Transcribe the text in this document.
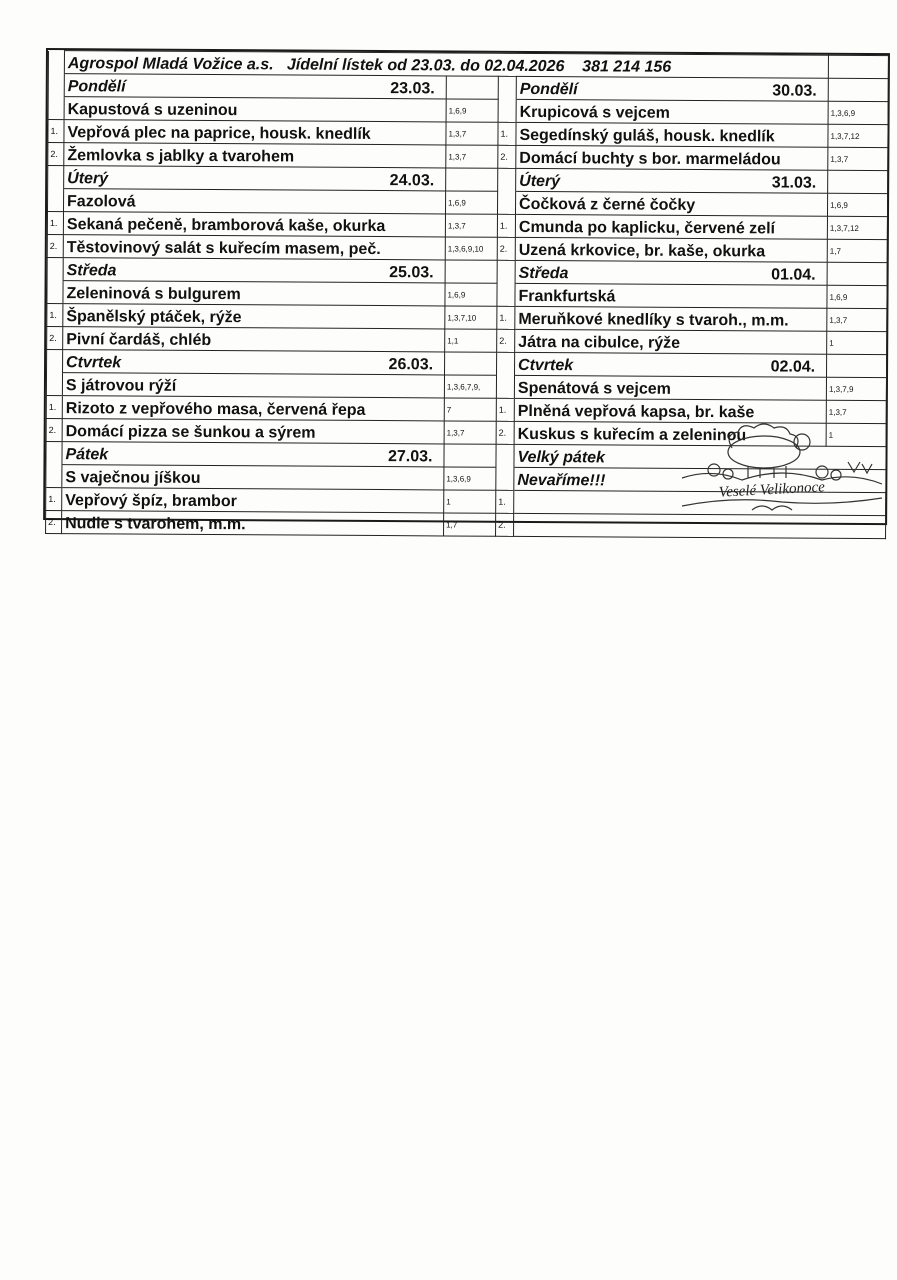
	Agrospol Mladá Vožice a.s. Jídelní lístek od 23.03. do 02.04.2026 381 214 156				

	Pondělí 23.03.			Pondělí 30.03.	

	Kapustová s uzeninou	1,6,9		Krupicová s vejcem	1,3,6,9
1.	Vepřová plec na paprice, housk. knedlík	1,3,7	1.	Segedínský guláš, housk. knedlík	1,3,7,12
2.	Žemlovka s jablky a tvarohem	1,3,7	2.	Domácí buchty s bor. marmeládou	1,3,7

	Úterý 24.03.			Úterý 31.03.	

	Fazolová	1,6,9		Čočková z černé čočky	1,6,9
1.	Sekaná pečeně, bramborová kaše, okurka	1,3,7	1.	Cmunda po kaplicku, červené zelí	1,3,7,12
2.	Těstovinový salát s kuřecím masem, peč.	1,3,6,9,10	2.	Uzená krkovice, br. kaše, okurka	1,7

	Středa 25.03.			Středa 01.04.	

	Zeleninová s bulgurem	1,6,9		Frankfurtská	1,6,9
1.	Španělský ptáček, rýže	1,3,7,10	1.	Meruňkové knedlíky s tvaroh., m.m.	1,3,7
2.	Pivní čardáš, chléb	1,1	2.	Játra na cibulce, rýže	1

	Ctvrtek 26.03.			Ctvrtek 02.04.	

	S játrovou rýží	1,3,6,7,9,		Spenátová s vejcem	1,3,7,9
1.	Rizoto z vepřového masa, červená řepa	7	1.	Plněná vepřová kapsa, br. kaše	1,3,7
2.	Domácí pizza se šunkou a sýrem	1,3,7	2.	Kuskus s kuřecím a zeleninou	1

	Pátek 27.03.			Velký pátek	
	S vaječnou jíškou	1,3,6,9		Nevaříme!!!	
1.	Vepřový špíz, brambor	1	1.		
2.	Nudle s tvarohem, m.m.	1,7	2.		
Veselé Velikonoce
